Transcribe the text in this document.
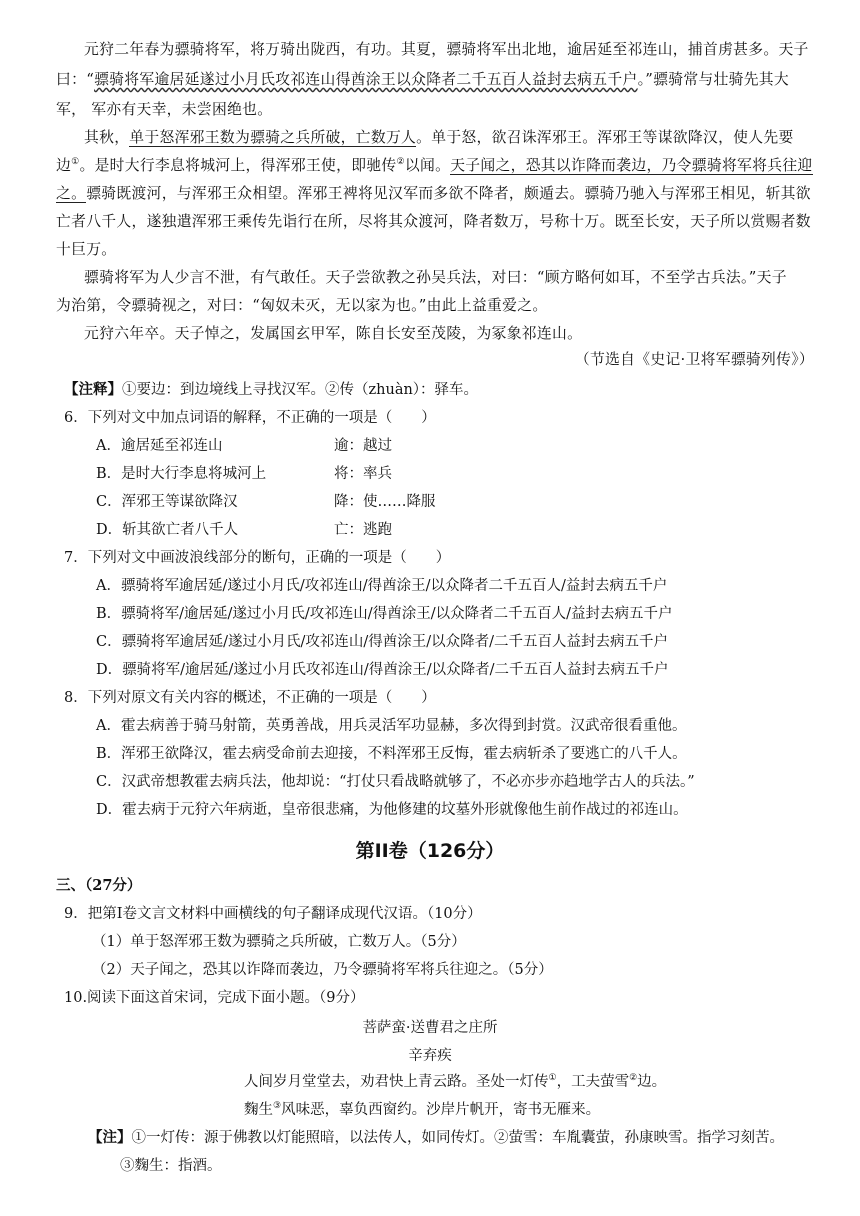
元狩二年春为骠骑将军，将万骑出陇西，有功。其夏，骠骑将军出北地，逾居延至祁连山，捕首虏甚多。天子
曰：“骠骑将军逾居延遂过小月氏攻祁连山得酋涂王以众降者二千五百人益封去病五千户。”骠骑常与壮骑先其大
军， 军亦有天幸，未尝困绝也。
其秋，单于怒浑邪王数为骠骑之兵所破，亡数万人。单于怒，欲召诛浑邪王。浑邪王等谋欲降汉，使人先要
边①。是时大行李息将城河上，得浑邪王使，即驰传②以闻。天子闻之，恐其以诈降而袭边，乃令骠骑将军将兵往迎
之。骠骑既渡河，与浑邪王众相望。浑邪王裨将见汉军而多欲不降者，颇遁去。骠骑乃驰入与浑邪王相见，斩其欲
亡者八千人，遂独遣浑邪王乘传先诣行在所，尽将其众渡河，降者数万，号称十万。既至长安，天子所以赏赐者数
十巨万。
骠骑将军为人少言不泄，有气敢任。天子尝欲教之孙吴兵法，对曰：“顾方略何如耳，不至学古兵法。”天子
为治第，令骠骑视之，对曰：“匈奴未灭，无以家为也。”由此上益重爱之。
元狩六年卒。天子悼之，发属国玄甲军，陈自长安至茂陵，为冢象祁连山。
（节选自《史记·卫将军骠骑列传》）
【注释】①要边：到边境线上寻找汉军。②传（zhuàn）：驿车。
6．下列对文中加点词语的解释，不正确的一项是（　　）
A．逾居延至祁连山	逾：越过
B．是时大行李息将城河上	将：率兵
C．浑邪王等谋欲降汉	降：使……降服
D．斩其欲亡者八千人	亡：逃跑
7．下列对文中画波浪线部分的断句，正确的一项是（　　）
A．骠骑将军逾居延/遂过小月氏/攻祁连山/得酋涂王/以众降者二千五百人/益封去病五千户
B．骠骑将军/逾居延/遂过小月氏/攻祁连山/得酋涂王/以众降者二千五百人/益封去病五千户
C．骠骑将军逾居延/遂过小月氏/攻祁连山/得酋涂王/以众降者/二千五百人益封去病五千户
D．骠骑将军/逾居延/遂过小月氏攻祁连山/得酋涂王/以众降者/二千五百人益封去病五千户
8．下列对原文有关内容的概述，不正确的一项是（　　）
A．霍去病善于骑马射箭，英勇善战，用兵灵活军功显赫，多次得到封赏。汉武帝很看重他。
B．浑邪王欲降汉，霍去病受命前去迎接，不料浑邪王反悔，霍去病斩杀了要逃亡的八千人。
C．汉武帝想教霍去病兵法，他却说：“打仗只看战略就够了，不必亦步亦趋地学古人的兵法。”
D．霍去病于元狩六年病逝，皇帝很悲痛，为他修建的坟墓外形就像他生前作战过的祁连山。
第II卷（126分）
三、（27分）
9．把第Ⅰ卷文言文材料中画横线的句子翻译成现代汉语。（10分）
（1）单于怒浑邪王数为骠骑之兵所破，亡数万人。（5分）
（2）天子闻之，恐其以诈降而袭边，乃令骠骑将军将兵往迎之。（5分）
10.阅读下面这首宋词，完成下面小题。（9分）
菩萨蛮·送曹君之庄所
辛弃疾
人间岁月堂堂去，劝君快上青云路。圣处一灯传①，工夫萤雪②边。
麴生③风味恶，辜负西窗约。沙岸片帆开，寄书无雁来。
【注】①一灯传：源于佛教以灯能照暗，以法传人，如同传灯。②萤雪：车胤囊萤，孙康映雪。指学习刻苦。
③麴生：指酒。
